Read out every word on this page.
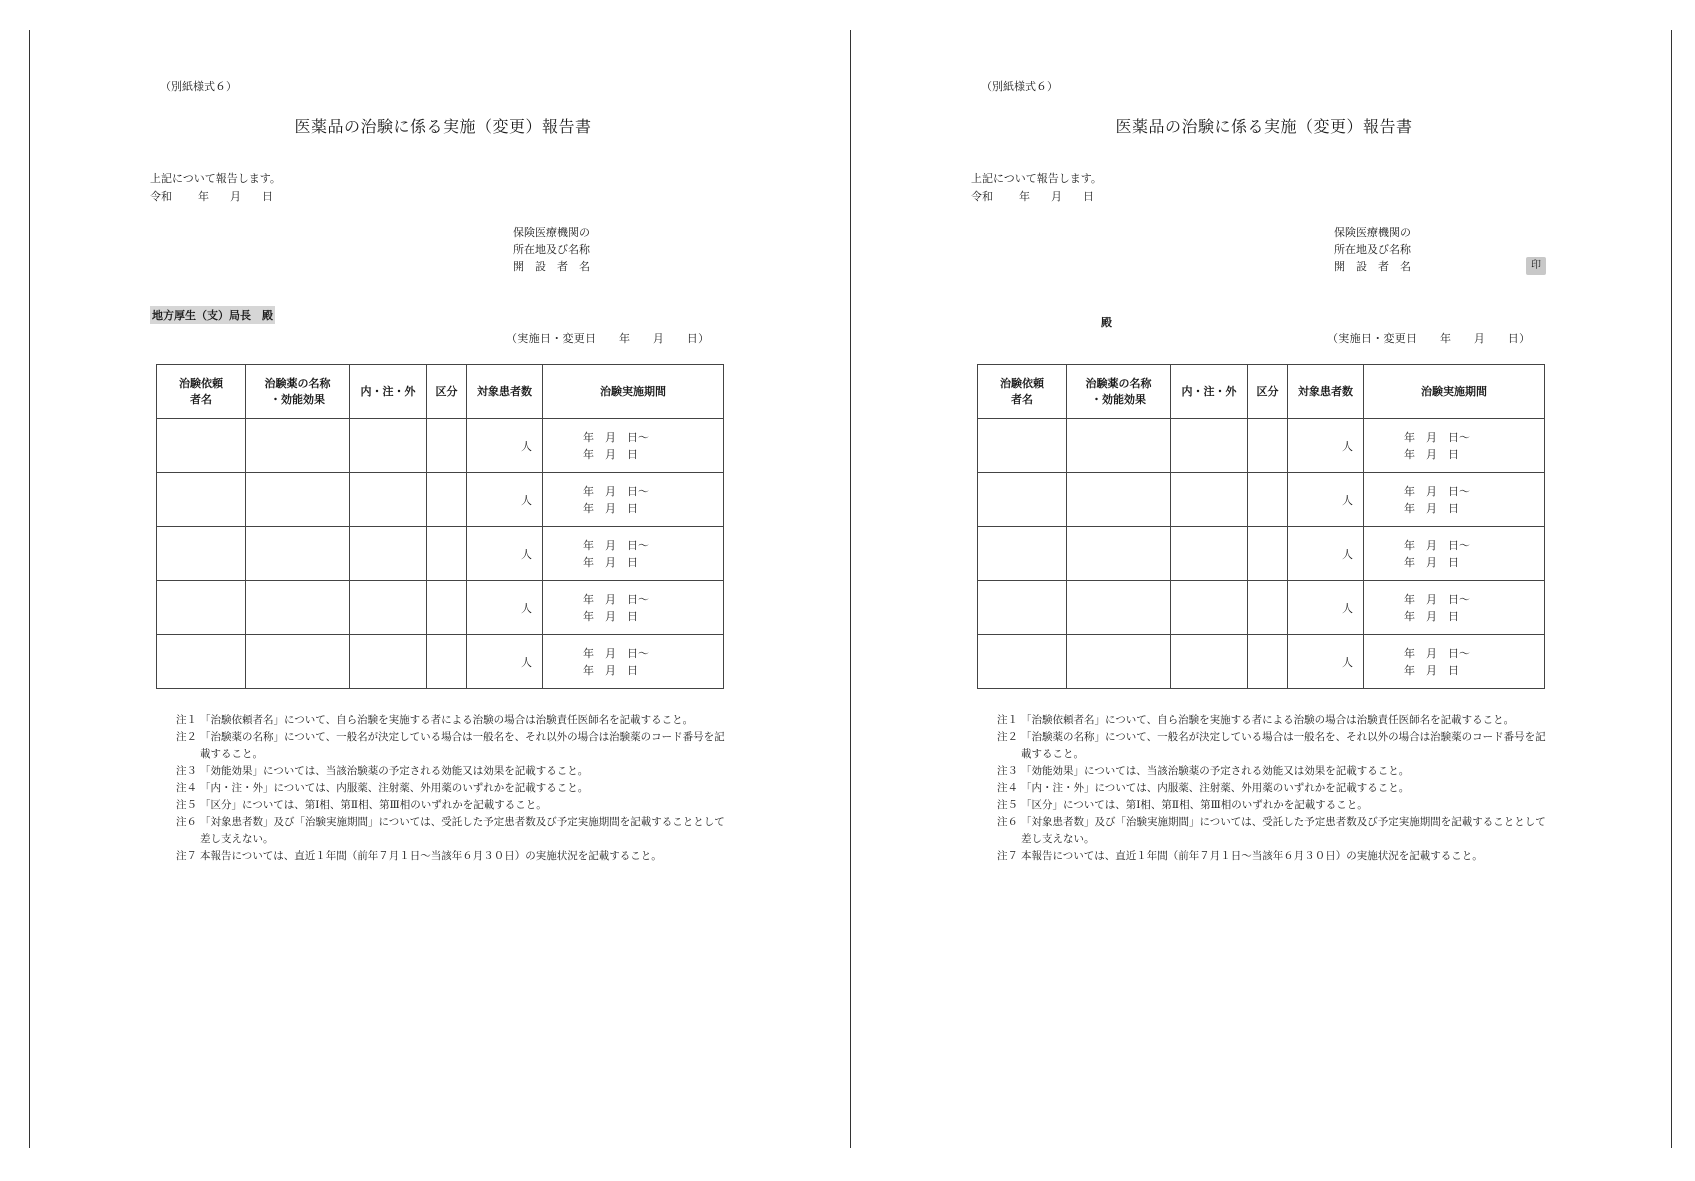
（別紙様式６）
医薬品の治験に係る実施（変更）報告書
上記について報告します。
令和 年 月 日
保険医療機関の
所在地及び名称
開　設　者　名
地方厚生（支）局長　殿
（実施日・変更日　　年　　月　　日）
治験依頼
者名	治験薬の名称
・効能効果	内・注・外	区分	対象患者数	治験実施期間
				人	年　月　日～
年　月　日

				人	年　月　日～
年　月　日

				人	年　月　日～
年　月　日

				人	年　月　日～
年　月　日

				人	年　月　日～
年　月　日
注１ 「治験依頼者名」について、自ら治験を実施する者による治験の場合は治験責任医師名を記載すること。
注２ 「治験薬の名称」について、一般名が決定している場合は一般名を、それ以外の場合は治験薬のコード番号を記載すること。
注３ 「効能効果」については、当該治験薬の予定される効能又は効果を記載すること。
注４ 「内・注・外」については、内服薬、注射薬、外用薬のいずれかを記載すること。
注５ 「区分」については、第Ⅰ相、第Ⅱ相、第Ⅲ相のいずれかを記載すること。
注６ 「対象患者数」及び「治験実施期間」については、受託した予定患者数及び予定実施期間を記載することとして差し支えない。
注７ 本報告については、直近１年間（前年７月１日～当該年６月３０日）の実施状況を記載すること。
（別紙様式６）
医薬品の治験に係る実施（変更）報告書
上記について報告します。
令和 年 月 日
保険医療機関の
所在地及び名称
開　設　者　名	印
殿
（実施日・変更日　　年　　月　　日）
治験依頼
者名	治験薬の名称
・効能効果	内・注・外	区分	対象患者数	治験実施期間
				人	年　月　日～
年　月　日

				人	年　月　日～
年　月　日

				人	年　月　日～
年　月　日

				人	年　月　日～
年　月　日

				人	年　月　日～
年　月　日
注１ 「治験依頼者名」について、自ら治験を実施する者による治験の場合は治験責任医師名を記載すること。
注２ 「治験薬の名称」について、一般名が決定している場合は一般名を、それ以外の場合は治験薬のコード番号を記載すること。
注３ 「効能効果」については、当該治験薬の予定される効能又は効果を記載すること。
注４ 「内・注・外」については、内服薬、注射薬、外用薬のいずれかを記載すること。
注５ 「区分」については、第Ⅰ相、第Ⅱ相、第Ⅲ相のいずれかを記載すること。
注６ 「対象患者数」及び「治験実施期間」については、受託した予定患者数及び予定実施期間を記載することとして差し支えない。
注７ 本報告については、直近１年間（前年７月１日～当該年６月３０日）の実施状況を記載すること。
